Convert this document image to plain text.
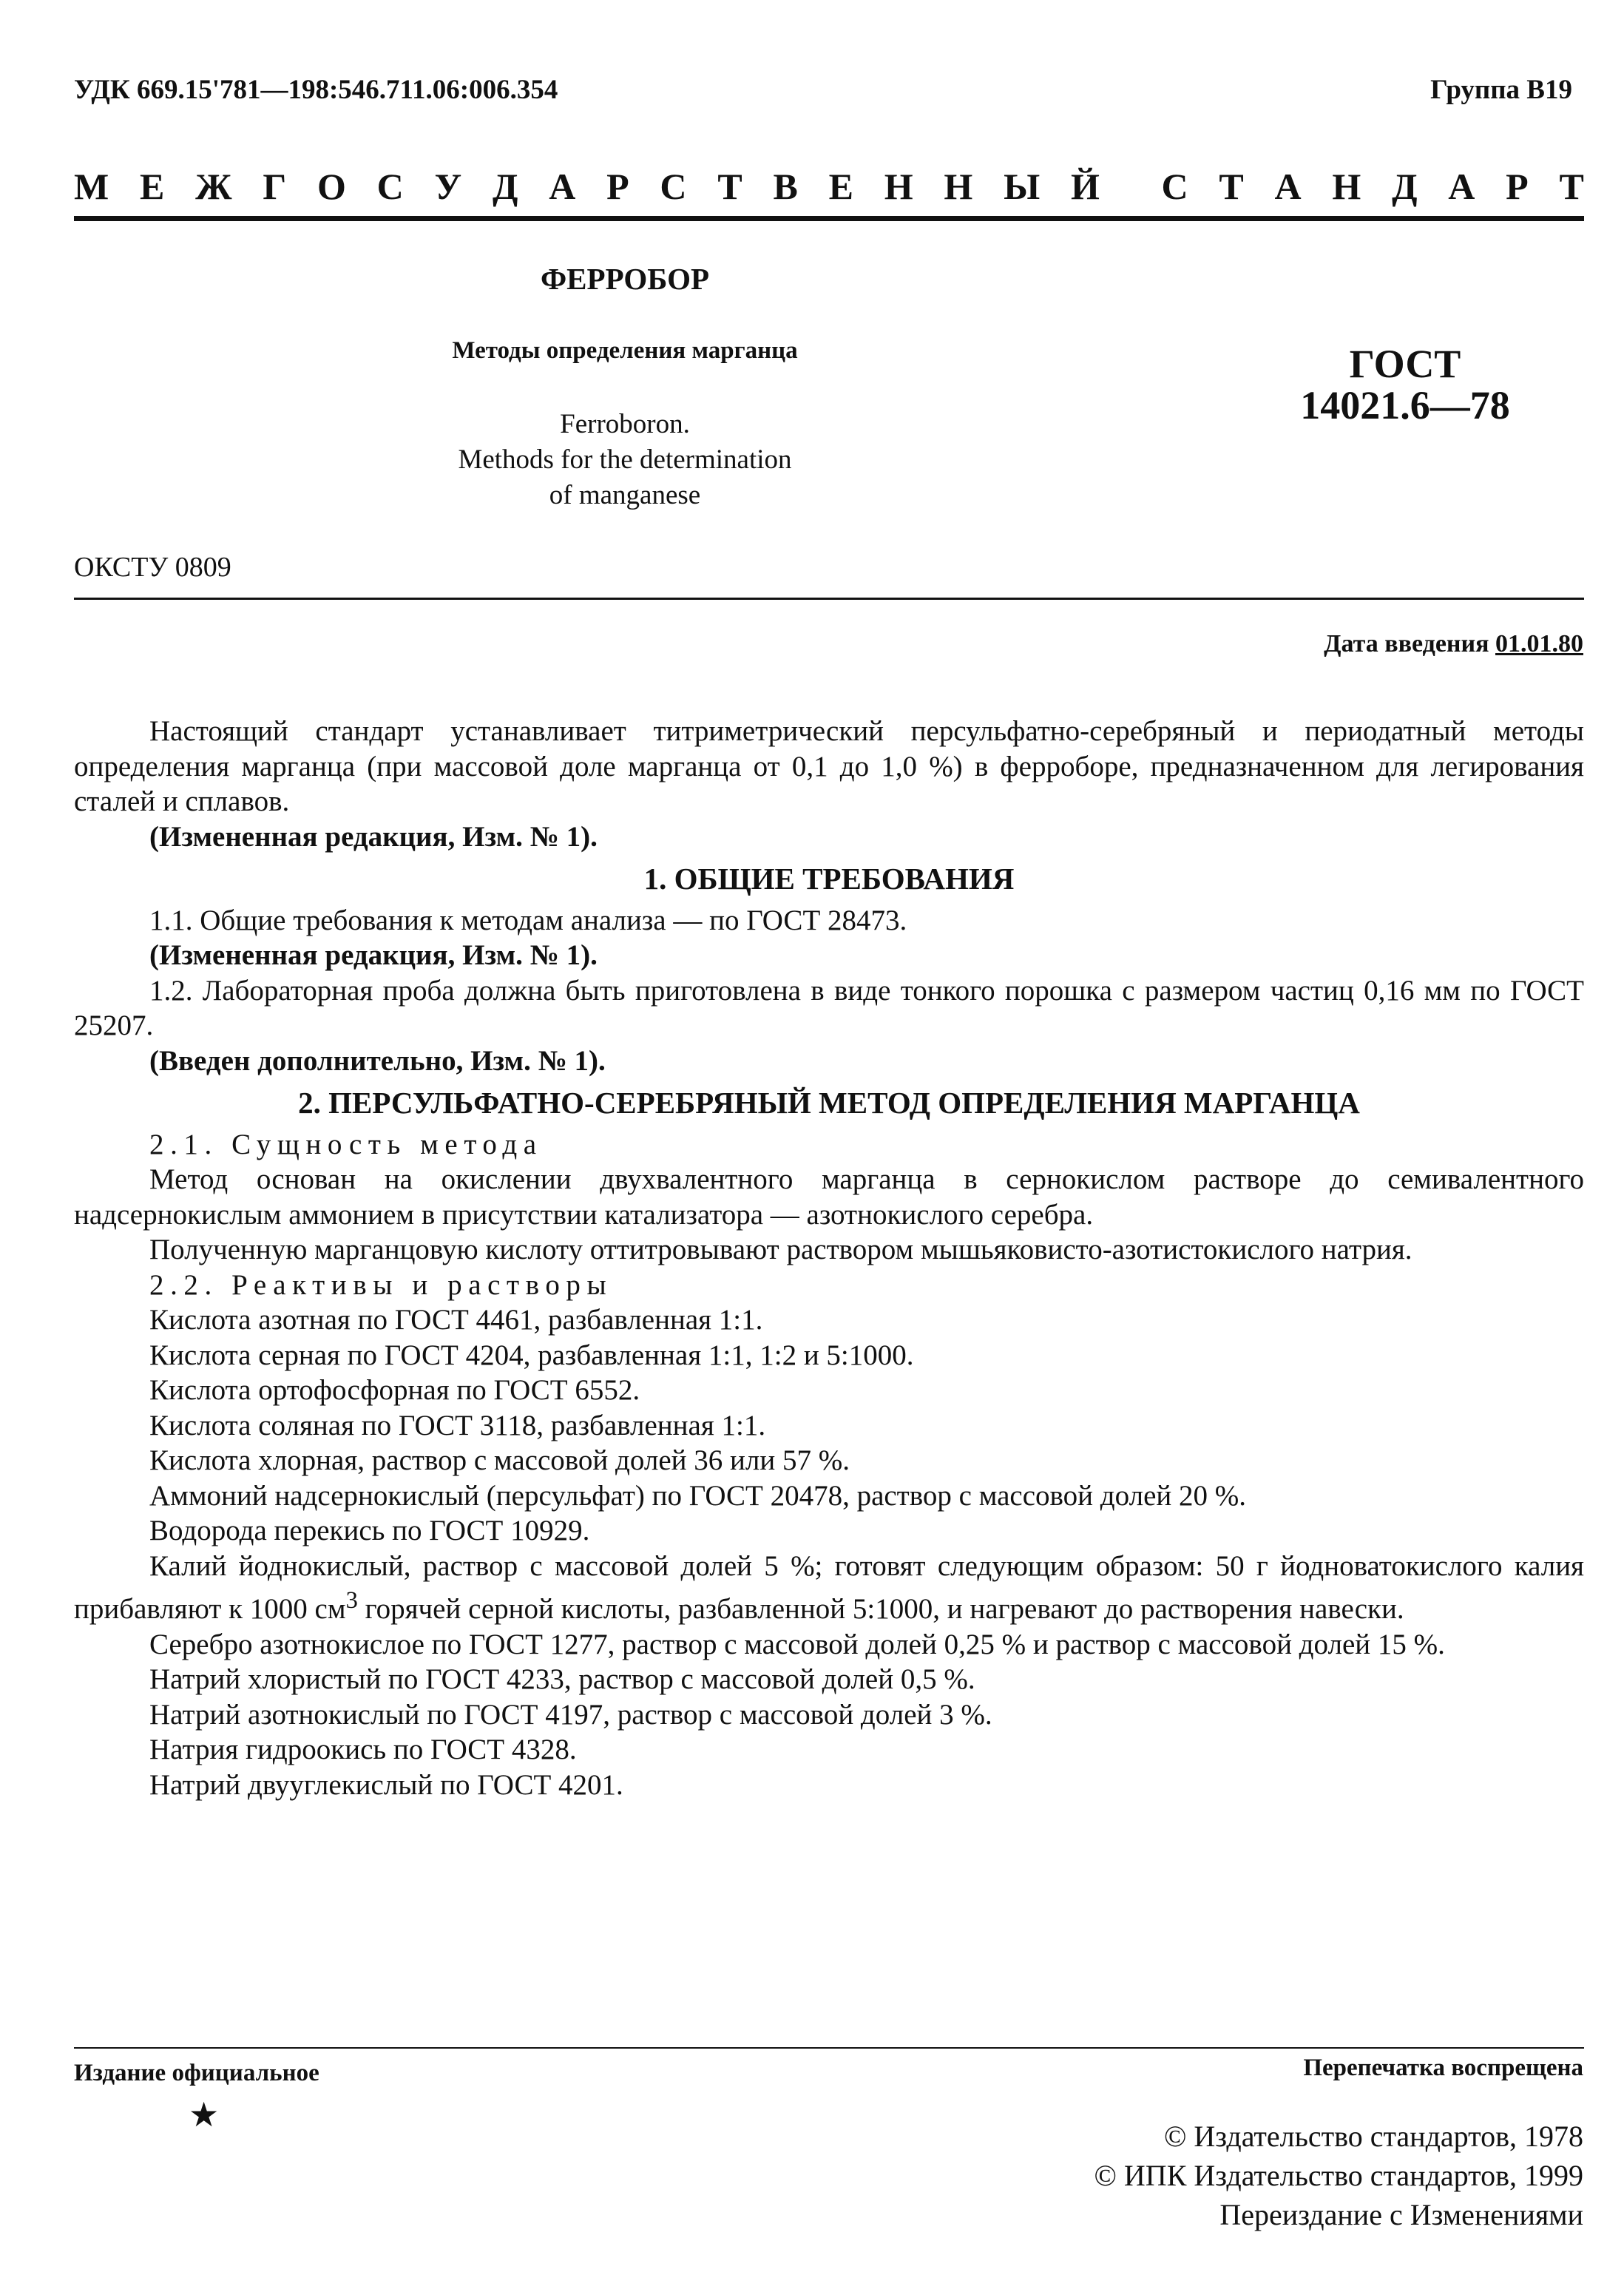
УДК 669.15'781—198:546.711.06:006.354	Группа В19
М Е Ж Г О С У Д А Р С Т В Е Н Н Ы Й С Т А Н Д А Р Т
ФЕРРОБОР
Методы определения марганца
Ferroboron.
Methods for the determination
of manganese
ГОСТ
14021.6—78
ОКСТУ 0809
Дата введения 01.01.80

Настоящий стандарт устанавливает титриметрический персульфатно-серебряный и периодатный методы определения марганца (при массовой доле марганца от 0,1 до 1,0 %) в ферроборе, предназначенном для легирования сталей и сплавов.

(Измененная редакция, Изм. № 1).

1. ОБЩИЕ ТРЕБОВАНИЯ

1.1. Общие требования к методам анализа — по ГОСТ 28473.

(Измененная редакция, Изм. № 1).

1.2. Лабораторная проба должна быть приготовлена в виде тонкого порошка с размером частиц 0,16 мм по ГОСТ 25207.

(Введен дополнительно, Изм. № 1).

2. ПЕРСУЛЬФАТНО-СЕРЕБРЯНЫЙ МЕТОД ОПРЕДЕЛЕНИЯ МАРГАНЦА

2.1. Сущность метода

Метод основан на окислении двухвалентного марганца в сернокислом растворе до семивалентного надсернокислым аммонием в присутствии катализатора — азотнокислого серебра.

Полученную марганцовую кислоту оттитровывают раствором мышьяковисто-азотистокислого натрия.

2.2. Реактивы и растворы

Кислота азотная по ГОСТ 4461, разбавленная 1:1.

Кислота серная по ГОСТ 4204, разбавленная 1:1, 1:2 и 5:1000.

Кислота ортофосфорная по ГОСТ 6552.

Кислота соляная по ГОСТ 3118, разбавленная 1:1.

Кислота хлорная, раствор с массовой долей 36 или 57 %.

Аммоний надсернокислый (персульфат) по ГОСТ 20478, раствор с массовой долей 20 %.

Водорода перекись по ГОСТ 10929.

Калий йоднокислый, раствор с массовой долей 5 %; готовят следующим образом: 50 г йодноватокислого калия прибавляют к 1000 $см^3$ горячей серной кислоты, разбавленной 5:1000, и нагревают до растворения навески.

Серебро азотнокислое по ГОСТ 1277, раствор с массовой долей 0,25 % и раствор с массовой долей 15 %.

Натрий хлористый по ГОСТ 4233, раствор с массовой долей 0,5 %.

Натрий азотнокислый по ГОСТ 4197, раствор с массовой долей 3 %.

Натрия гидроокись по ГОСТ 4328.

Натрий двууглекислый по ГОСТ 4201.

Издание официальное
★
Перепечатка воспрещена
© Издательство стандартов, 1978
© ИПК Издательство стандартов, 1999
Переиздание с Изменениями
